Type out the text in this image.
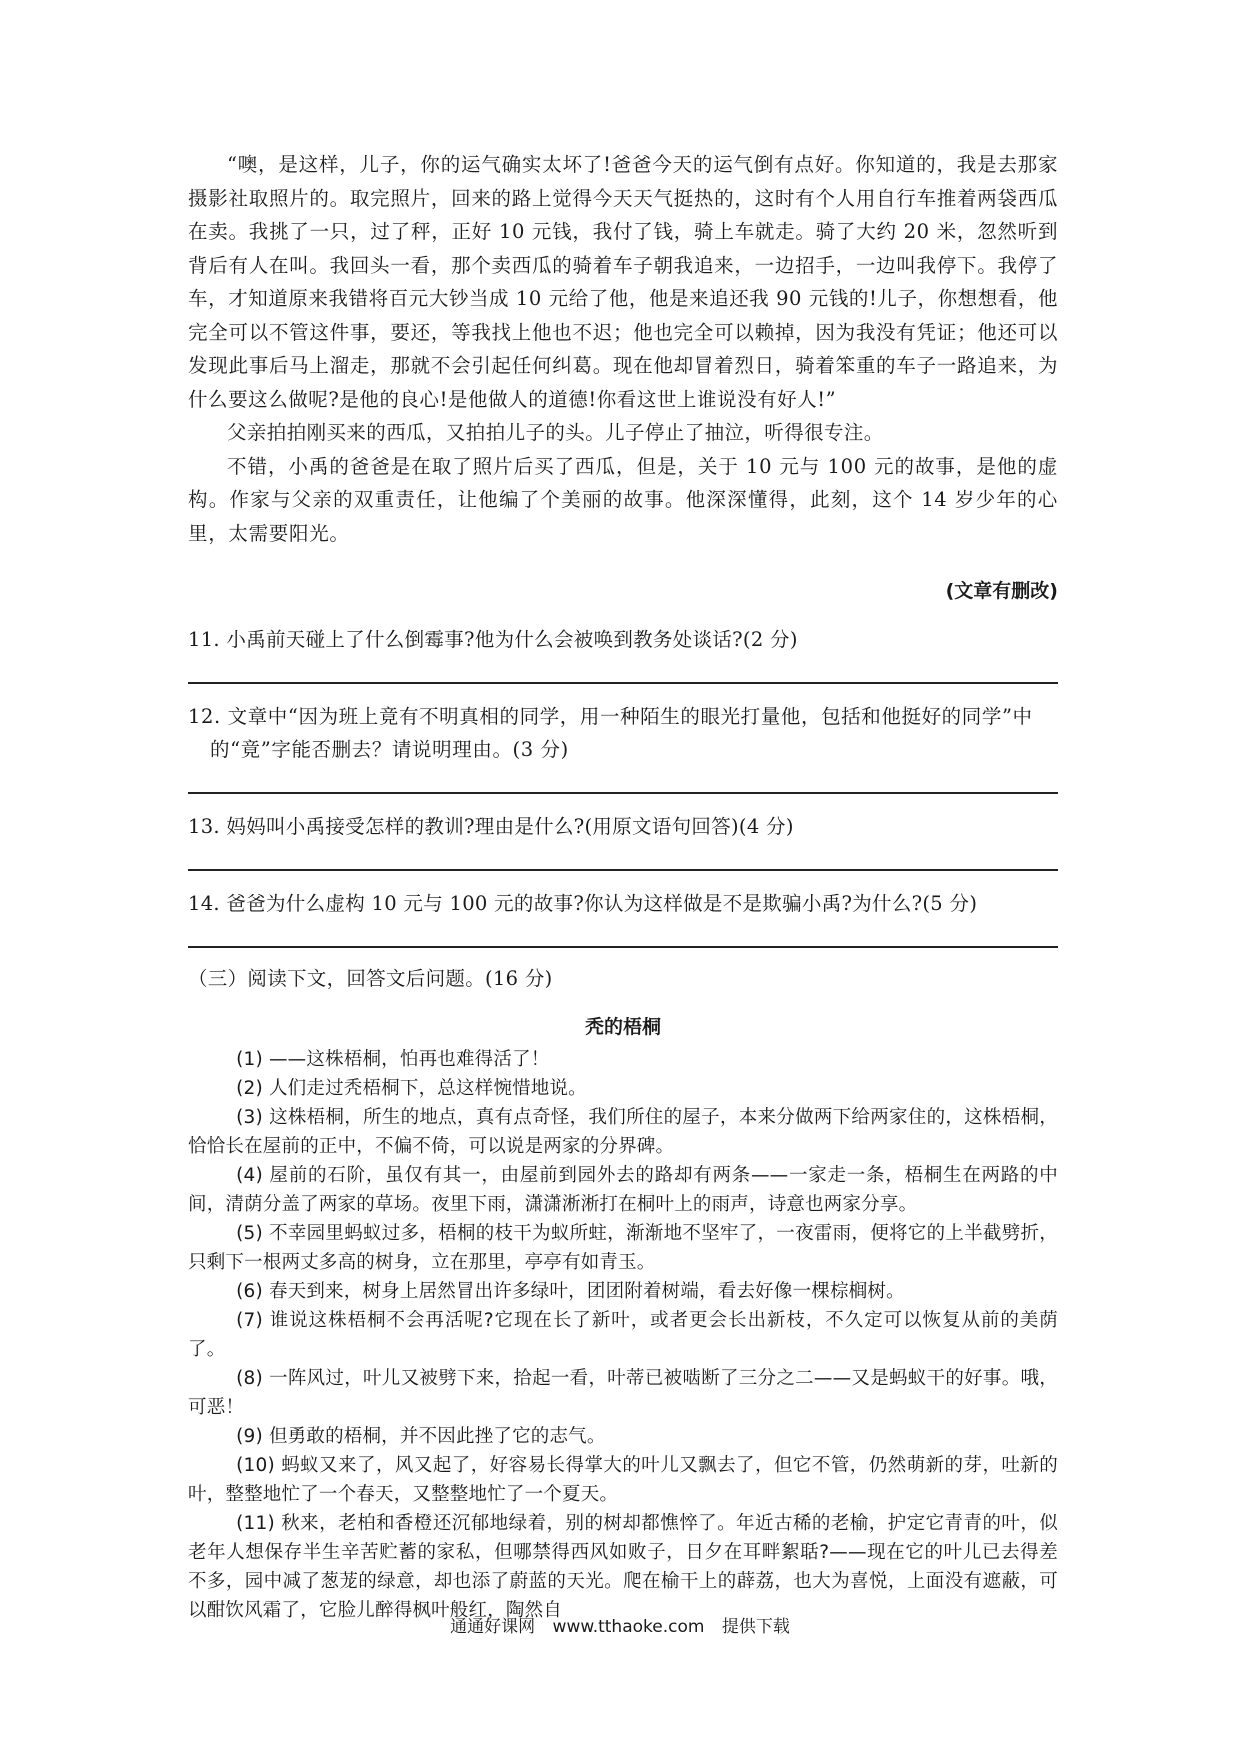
“噢，是这样，儿子，你的运气确实太坏了!爸爸今天的运气倒有点好。你知道的，我是去那家摄影社取照片的。取完照片，回来的路上觉得今天天气挺热的，这时有个人用自行车推着两袋西瓜在卖。我挑了一只，过了秤，正好 10 元钱，我付了钱，骑上车就走。骑了大约 20 米，忽然听到背后有人在叫。我回头一看，那个卖西瓜的骑着车子朝我追来，一边招手，一边叫我停下。我停了车，才知道原来我错将百元大钞当成 10 元给了他，他是来追还我 90 元钱的!儿子，你想想看，他完全可以不管这件事，要还，等我找上他也不迟；他也完全可以赖掉，因为我没有凭证；他还可以发现此事后马上溜走，那就不会引起任何纠葛。现在他却冒着烈日，骑着笨重的车子一路追来，为什么要这么做呢?是他的良心!是他做人的道德!你看这世上谁说没有好人!”

父亲拍拍刚买来的西瓜，又拍拍儿子的头。儿子停止了抽泣，听得很专注。

不错，小禹的爸爸是在取了照片后买了西瓜，但是，关于 10 元与 100 元的故事，是他的虚构。作家与父亲的双重责任，让他编了个美丽的故事。他深深懂得，此刻，这个 14 岁少年的心里，太需要阳光。

(文章有删改)

11. 小禹前天碰上了什么倒霉事?他为什么会被唤到教务处谈话?(2 分)

12. 文章中“因为班上竟有不明真相的同学，用一种陌生的眼光打量他，包括和他挺好的同学”中的“竟”字能否删去？请说明理由。(3 分)

13. 妈妈叫小禹接受怎样的教训?理由是什么?(用原文语句回答)(4 分)

14. 爸爸为什么虚构 10 元与 100 元的故事?你认为这样做是不是欺骗小禹?为什么?(5 分)

（三）阅读下文，回答文后问题。(16 分)
秃的梧桐

(1) ——这株梧桐，怕再也难得活了！

(2) 人们走过秃梧桐下，总这样惋惜地说。

(3) 这株梧桐，所生的地点，真有点奇怪，我们所住的屋子，本来分做两下给两家住的，这株梧桐，恰恰长在屋前的正中，不偏不倚，可以说是两家的分界碑。

(4) 屋前的石阶，虽仅有其一，由屋前到园外去的路却有两条——一家走一条，梧桐生在两路的中间，清荫分盖了两家的草场。夜里下雨，潇潇淅淅打在桐叶上的雨声，诗意也两家分享。

(5) 不幸园里蚂蚁过多，梧桐的枝干为蚁所蛀，渐渐地不坚牢了，一夜雷雨，便将它的上半截劈折，只剩下一根两丈多高的树身，立在那里，亭亭有如青玉。

(6) 春天到来，树身上居然冒出许多绿叶，团团附着树端，看去好像一棵棕榈树。

(7) 谁说这株梧桐不会再活呢?它现在长了新叶，或者更会长出新枝，不久定可以恢复从前的美荫了。

(8) 一阵风过，叶儿又被劈下来，拾起一看，叶蒂已被啮断了三分之二——又是蚂蚁干的好事。哦，可恶！

(9) 但勇敢的梧桐，并不因此挫了它的志气。

(10) 蚂蚁又来了，风又起了，好容易长得掌大的叶儿又飘去了，但它不管，仍然萌新的芽，吐新的叶，整整地忙了一个春天，又整整地忙了一个夏天。

(11) 秋来，老柏和香橙还沉郁地绿着，别的树却都憔悴了。年近古稀的老榆，护定它青青的叶，似老年人想保存半生辛苦贮蓄的家私，但哪禁得西风如败子，日夕在耳畔絮聒?——现在它的叶儿已去得差不多，园中减了葱茏的绿意，却也添了蔚蓝的天光。爬在榆干上的薜荔，也大为喜悦，上面没有遮蔽，可以酣饮风霜了，它脸儿醉得枫叶般红，陶然自

通通好课网 www.tthaoke.com 提供下载
